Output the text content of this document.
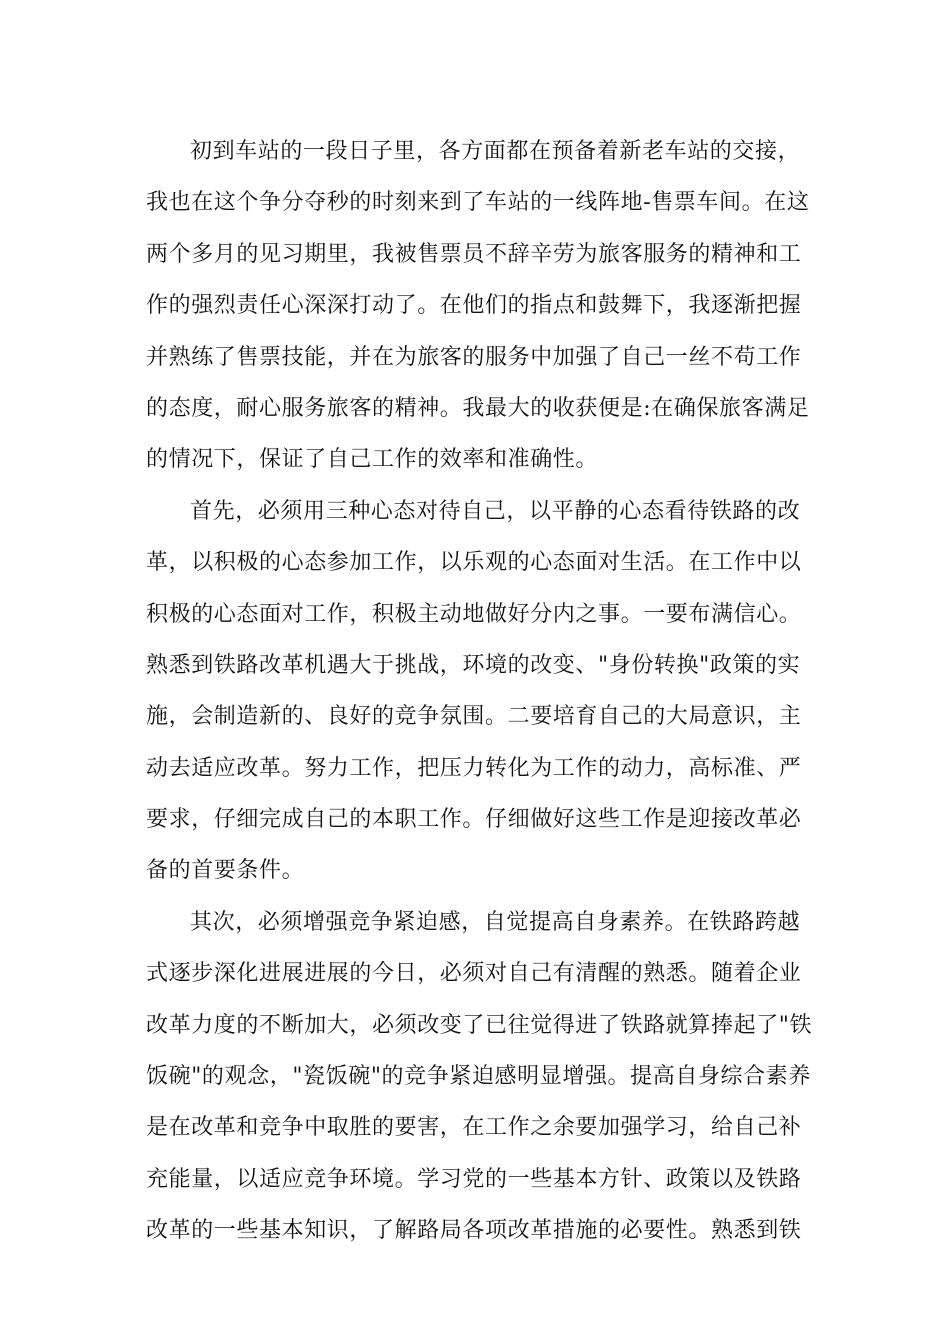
初到车站的一段日子里，各方面都在预备着新老车站的交接，
我也在这个争分夺秒的时刻来到了车站的一线阵地-售票车间。在这
两个多月的见习期里，我被售票员不辞辛劳为旅客服务的精神和工
作的强烈责任心深深打动了。在他们的指点和鼓舞下，我逐渐把握
并熟练了售票技能，并在为旅客的服务中加强了自己一丝不苟工作
的态度，耐心服务旅客的精神。我最大的收获便是:在确保旅客满足
的情况下，保证了自己工作的效率和准确性。
首先，必须用三种心态对待自己，以平静的心态看待铁路的改
革，以积极的心态参加工作，以乐观的心态面对生活。在工作中以
积极的心态面对工作，积极主动地做好分内之事。一要布满信心。
熟悉到铁路改革机遇大于挑战，环境的改变、"身份转换"政策的实
施，会制造新的、良好的竞争氛围。二要培育自己的大局意识，主
动去适应改革。努力工作，把压力转化为工作的动力，高标准、严
要求，仔细完成自己的本职工作。仔细做好这些工作是迎接改革必
备的首要条件。
其次，必须增强竞争紧迫感，自觉提高自身素养。在铁路跨越
式逐步深化进展进展的今日，必须对自己有清醒的熟悉。随着企业
改革力度的不断加大，必须改变了已往觉得进了铁路就算捧起了"铁
饭碗"的观念，"瓷饭碗"的竞争紧迫感明显增强。提高自身综合素养
是在改革和竞争中取胜的要害，在工作之余要加强学习，给自己补
充能量，以适应竞争环境。学习党的一些基本方针、政策以及铁路
改革的一些基本知识，了解路局各项改革措施的必要性。熟悉到铁
